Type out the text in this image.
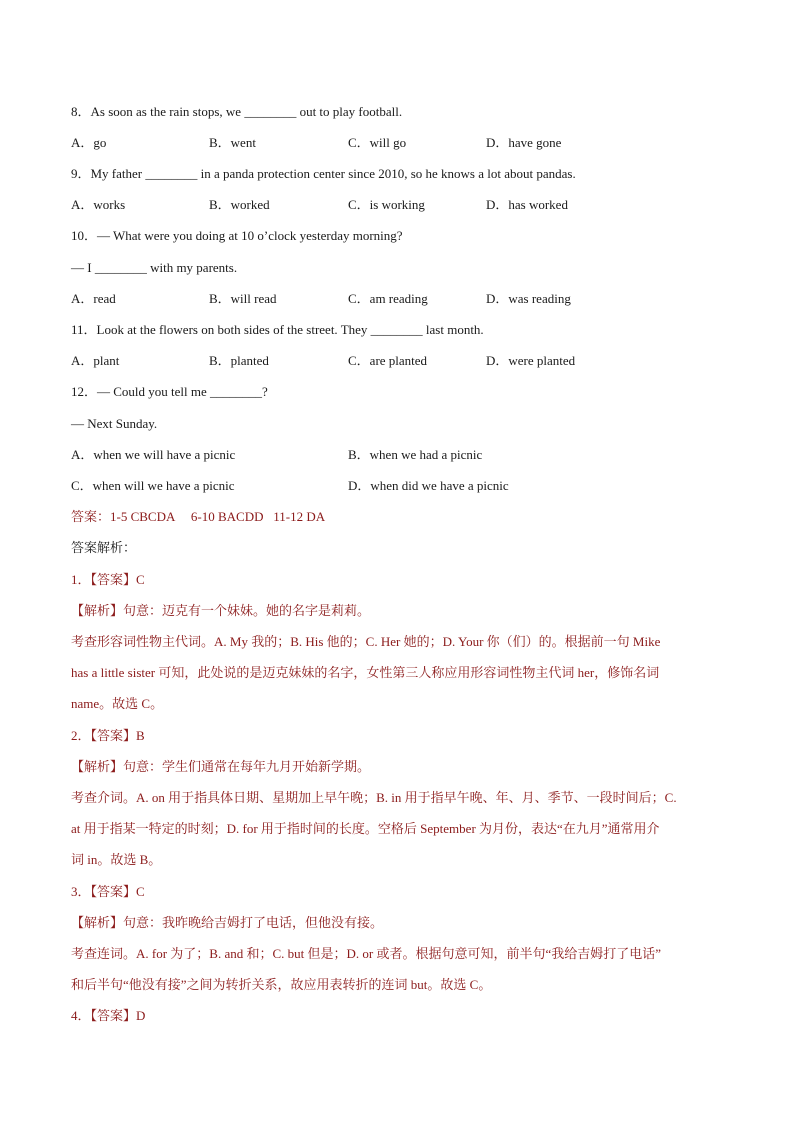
8．As soon as the rain stops, we ________ out to play football.
A．go	B．went	C．will go	D．have gone
9．My father ________ in a panda protection center since 2010, so he knows a lot about pandas.
A．works	B．worked	C．is working	D．has worked
10．— What were you doing at 10 o’clock yesterday morning?
— I ________ with my parents.
A．read	B．will read	C．am reading	D．was reading
11．Look at the flowers on both sides of the street. They ________ last month.
A．plant	B．planted	C．are planted	D．were planted
12．— Could you tell me ________?
— Next Sunday.
A．when we will have a picnic	B．when we had a picnic
C．when will we have a picnic	D．when did we have a picnic
答案：1-5 CBCDA     6-10 BACDD   11-12 DA
答案解析：
1．【答案】C
【解析】句意：迈克有一个妹妹。她的名字是莉莉。
考查形容词性物主代词。A. My 我的；B. His 他的；C. Her 她的；D. Your 你（们）的。根据前一句 Mike
has a little sister 可知，此处说的是迈克妹妹的名字，女性第三人称应用形容词性物主代词 her，修饰名词
name。故选 C。
2．【答案】B
【解析】句意：学生们通常在每年九月开始新学期。
考查介词。A. on 用于指具体日期、星期加上早午晚；B. in 用于指早午晚、年、月、季节、一段时间后；C.
at 用于指某一特定的时刻；D. for 用于指时间的长度。空格后 September 为月份，表达“在九月”通常用介
词 in。故选 B。
3．【答案】C
【解析】句意：我昨晚给吉姆打了电话，但他没有接。
考查连词。A. for 为了；B. and 和；C. but 但是；D. or 或者。根据句意可知，前半句“我给吉姆打了电话”
和后半句“他没有接”之间为转折关系，故应用表转折的连词 but。故选 C。
4．【答案】D
